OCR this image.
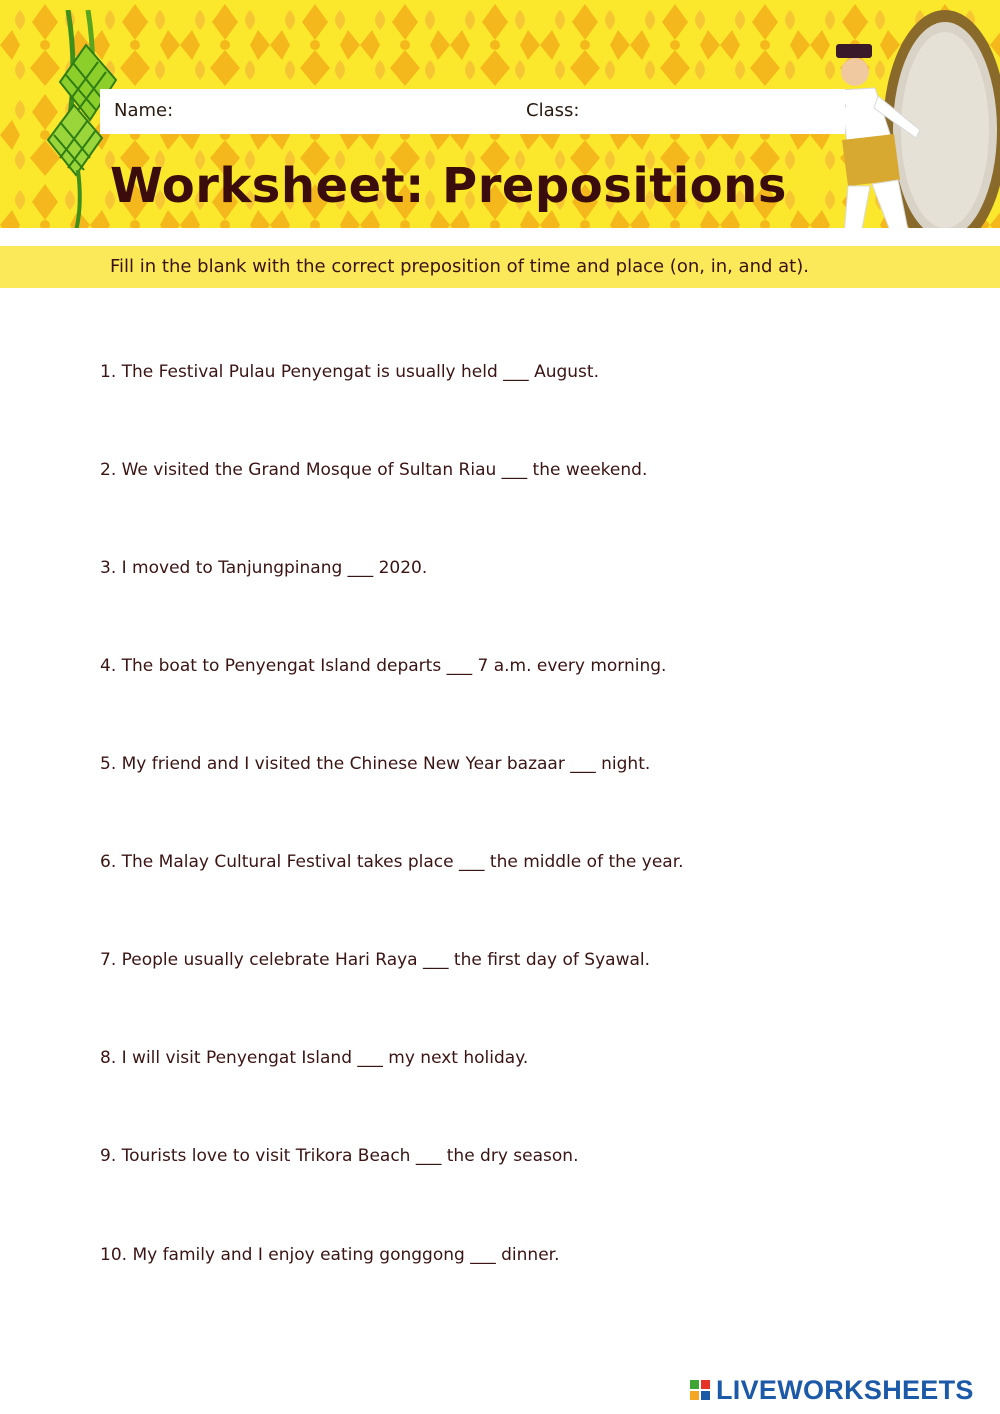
Name:	Class:
Worksheet: Prepositions
Fill in the blank with the correct preposition of time and place (on, in, and at).
1. The Festival Pulau Penyengat is usually held ___ August.
2. We visited the Grand Mosque of Sultan Riau ___ the weekend.
3. I moved to Tanjungpinang ___ 2020.
4. The boat to Penyengat Island departs ___ 7 a.m. every morning.
5. My friend and I visited the Chinese New Year bazaar ___ night.
6. The Malay Cultural Festival takes place ___ the middle of the year.
7. People usually celebrate Hari Raya ___ the first day of Syawal.
8. I will visit Penyengat Island ___ my next holiday.
9. Tourists love to visit Trikora Beach ___ the dry season.
10. My family and I enjoy eating gonggong ___ dinner.
LIVEWORKSHEETS
